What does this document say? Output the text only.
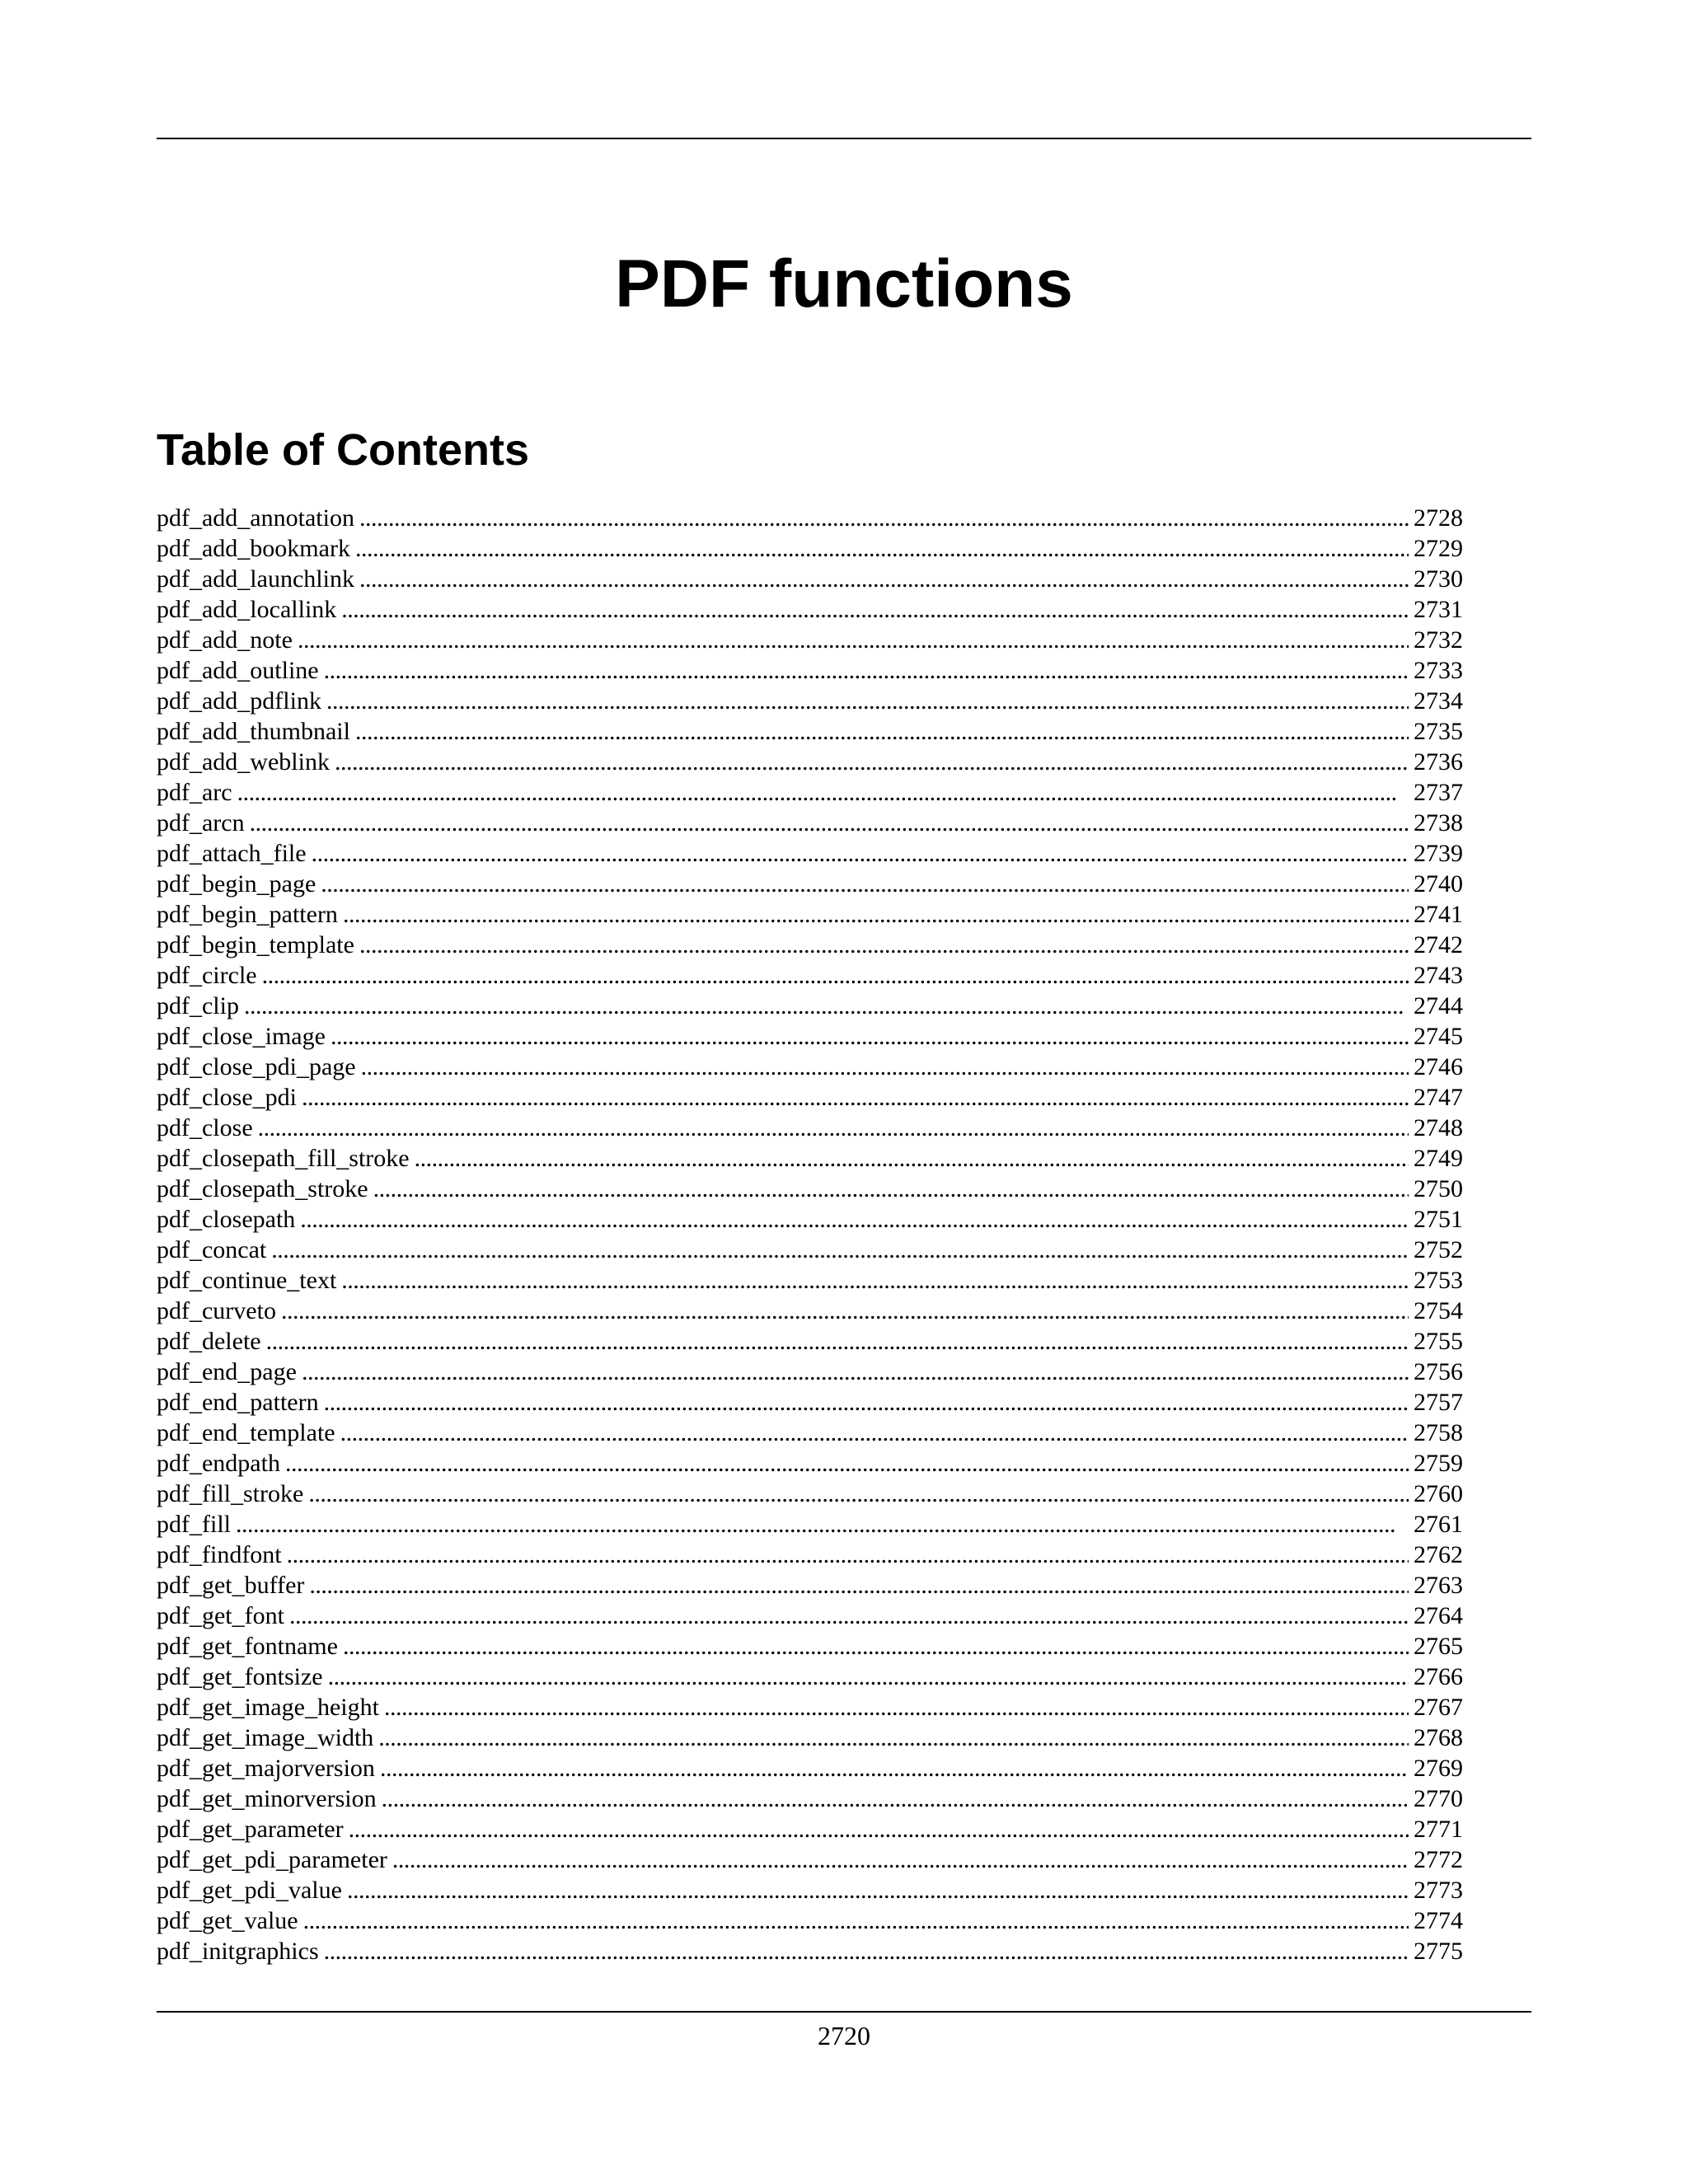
PDF functions
Table of Contents
pdf_add_annotation . . .	2728
pdf_add_bookmark . . .	2729
pdf_add_launchlink . . .	2730
pdf_add_locallink . . .	2731
pdf_add_note . . .	2732
pdf_add_outline . . .	2733
pdf_add_pdflink . . .	2734
pdf_add_thumbnail . . .	2735
pdf_add_weblink . . .	2736
pdf_arc . . .	2737
pdf_arcn . . .	2738
pdf_attach_file . . .	2739
pdf_begin_page . . .	2740
pdf_begin_pattern . . .	2741
pdf_begin_template . . .	2742
pdf_circle . . .	2743
pdf_clip . . .	2744
pdf_close_image . . .	2745
pdf_close_pdi_page . . .	2746
pdf_close_pdi . . .	2747
pdf_close . . .	2748
pdf_closepath_fill_stroke . . .	2749
pdf_closepath_stroke . . .	2750
pdf_closepath . . .	2751
pdf_concat . . .	2752
pdf_continue_text . . .	2753
pdf_curveto . . .	2754
pdf_delete . . .	2755
pdf_end_page . . .	2756
pdf_end_pattern . . .	2757
pdf_end_template . . .	2758
pdf_endpath . . .	2759
pdf_fill_stroke . . .	2760
pdf_fill . . .	2761
pdf_findfont . . .	2762
pdf_get_buffer . . .	2763
pdf_get_font . . .	2764
pdf_get_fontname . . .	2765
pdf_get_fontsize . . .	2766
pdf_get_image_height . . .	2767
pdf_get_image_width . . .	2768
pdf_get_majorversion . . .	2769
pdf_get_minorversion . . .	2770
pdf_get_parameter . . .	2771
pdf_get_pdi_parameter . . .	2772
pdf_get_pdi_value . . .	2773
pdf_get_value . . .	2774
pdf_initgraphics . . .	2775
2720
